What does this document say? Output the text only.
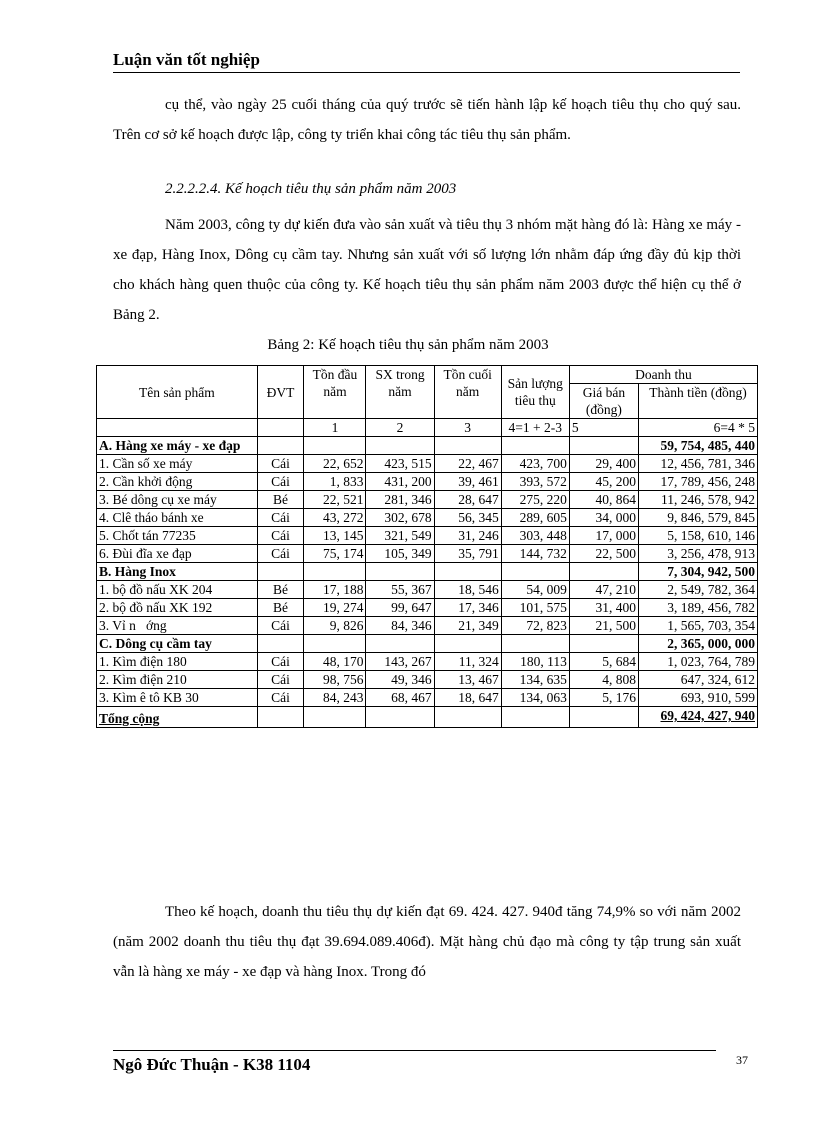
Luận văn tốt nghiệp

cụ thể, vào ngày 25 cuối tháng của quý trước sẽ tiến hành lập kế hoạch tiêu thụ cho quý sau. Trên cơ sở kế hoạch được lập, công ty triển khai công tác tiêu thụ sản phẩm.

2.2.2.2.4. Kế hoạch tiêu thụ sản phẩm năm 2003

Năm 2003, công ty dự kiến đưa vào sản xuất và tiêu thụ 3 nhóm mặt hàng đó là: Hàng xe máy - xe đạp, Hàng Inox, Dông cụ cầm tay. Nhưng sản xuất với số lượng lớn nhằm đáp ứng đầy đủ kịp thời cho khách hàng quen thuộc của công ty. Kế hoạch tiêu thụ sản phẩm năm 2003 được thể hiện cụ thể ở Bảng 2.

Bảng 2: Kế hoạch tiêu thụ sản phẩm năm 2003
Tên sản phẩm	ĐVT	Tồn đầu năm	SX trong năm	Tồn cuối năm	Sản lượng tiêu thụ	Doanh thu	
						Giá bán (đồng)	Thành tiền (đồng)
		1	2	3	4=1 + 2-3	5	6=4 * 5
A. Hàng xe máy - xe đạp							59, 754, 485, 440
1. Cần số xe máy	Cái	22, 652	423, 515	22, 467	423, 700	29, 400	12, 456, 781, 346
2. Cần khởi động	Cái	1, 833	431, 200	39, 461	393, 572	45, 200	17, 789, 456, 248
3. Bé dông cụ xe máy	Bé	22, 521	281, 346	28, 647	275, 220	40, 864	11, 246, 578, 942
4. Clê tháo bánh xe	Cái	43, 272	302, 678	56, 345	289, 605	34, 000	9, 846, 579, 845
5. Chốt tán 77235	Cái	13, 145	321, 549	31, 246	303, 448	17, 000	5, 158, 610, 146
6. Đùi đĩa xe đạp	Cái	75, 174	105, 349	35, 791	144, 732	22, 500	3, 256, 478, 913
B. Hàng Inox							7, 304, 942, 500
1. bộ đồ nấu XK 204	Bé	17, 188	55, 367	18, 546	54, 009	47, 210	2, 549, 782, 364
2. bộ đồ nấu XK 192	Bé	19, 274	99, 647	17, 346	101, 575	31, 400	3, 189, 456, 782
3. Vỉ n   ớng	Cái	9, 826	84, 346	21, 349	72, 823	21, 500	1, 565, 703, 354
C. Dông cụ cầm tay							2, 365, 000, 000
1. Kìm điện 180	Cái	48, 170	143, 267	11, 324	180, 113	5, 684	1, 023, 764, 789
2. Kìm điện 210	Cái	98, 756	49, 346	13, 467	134, 635	4, 808	647, 324, 612
3. Kìm ê tô KB 30	Cái	84, 243	68, 467	18, 647	134, 063	5, 176	693, 910, 599
Tổng cộng							69, 424, 427, 940

Theo kế hoạch, doanh thu tiêu thụ dự kiến đạt 69. 424. 427. 940đ tăng 74,9% so với năm 2002 (năm 2002 doanh thu tiêu thụ đạt 39.694.089.406đ). Mặt hàng chủ đạo mà công ty tập trung sản xuất vẫn là hàng xe máy - xe đạp và hàng Inox. Trong đó

Ngô Đức Thuận - K38 1104	37
